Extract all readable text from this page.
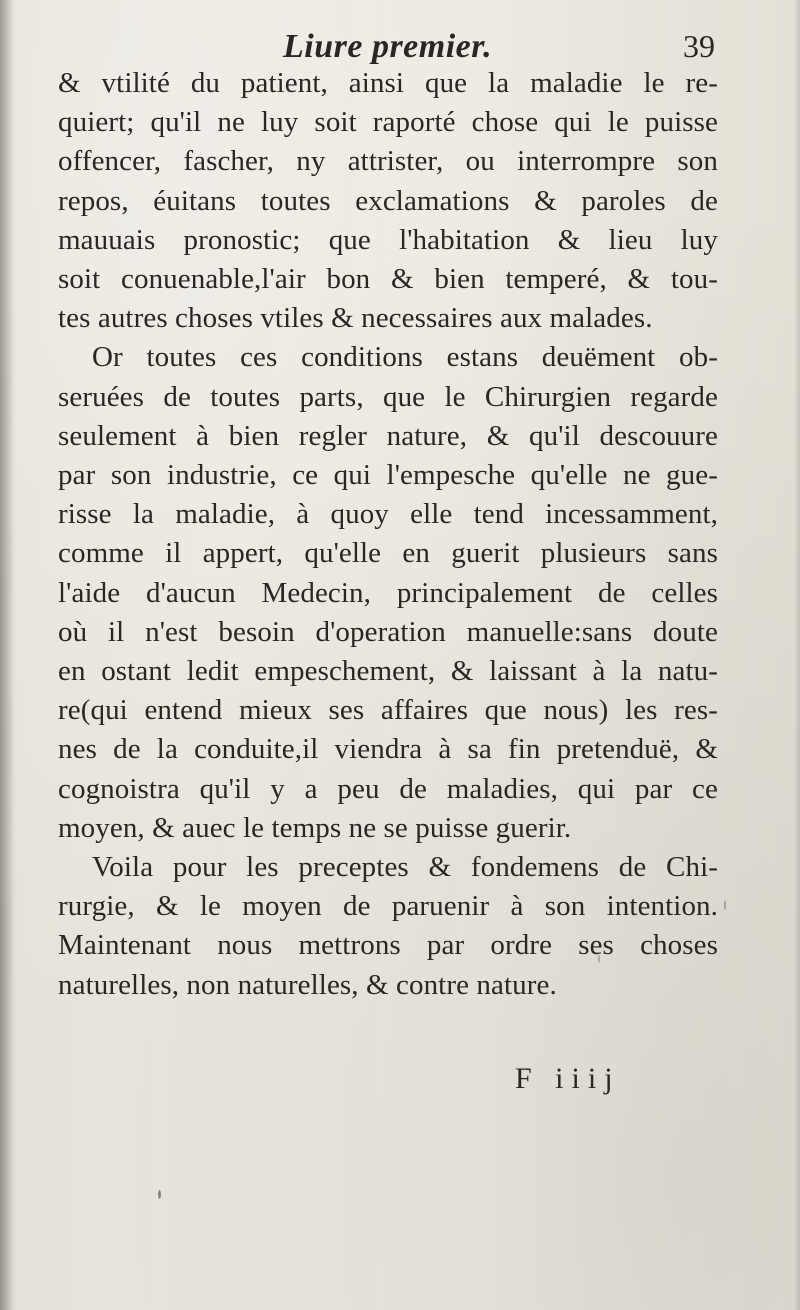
Liure premier.	39
& vtilité du patient, ainsi que la maladie le re-
quiert; qu'il ne luy soit raporté chose qui le puisse
offencer, fascher, ny attrister, ou interrompre son
repos, éuitans toutes exclamations & paroles de
mauuais pronostic; que l'habitation & lieu luy
soit conuenable,l'air bon & bien temperé, & tou-
tes autres choses vtiles & necessaires aux malades.
Or toutes ces conditions estans deuëment ob-
seruées de toutes parts, que le Chirurgien regarde
seulement à bien regler nature, & qu'il descouure
par son industrie, ce qui l'empesche qu'elle ne gue-
risse la maladie, à quoy elle tend incessamment,
comme il appert, qu'elle en guerit plusieurs sans
l'aide d'aucun Medecin, principalement de celles
où il n'est besoin d'operation manuelle:sans doute
en ostant ledit empeschement, & laissant à la natu-
re(qui entend mieux ses affaires que nous) les res-
nes de la conduite,il viendra à sa fin pretenduë, &
cognoistra qu'il y a peu de maladies, qui par ce
moyen, & auec le temps ne se puisse guerir.
Voila pour les preceptes & fondemens de Chi-
rurgie, & le moyen de paruenir à son intention.
Maintenant nous mettrons par ordre ses choses
naturelles, non naturelles, & contre nature.
F iiij
